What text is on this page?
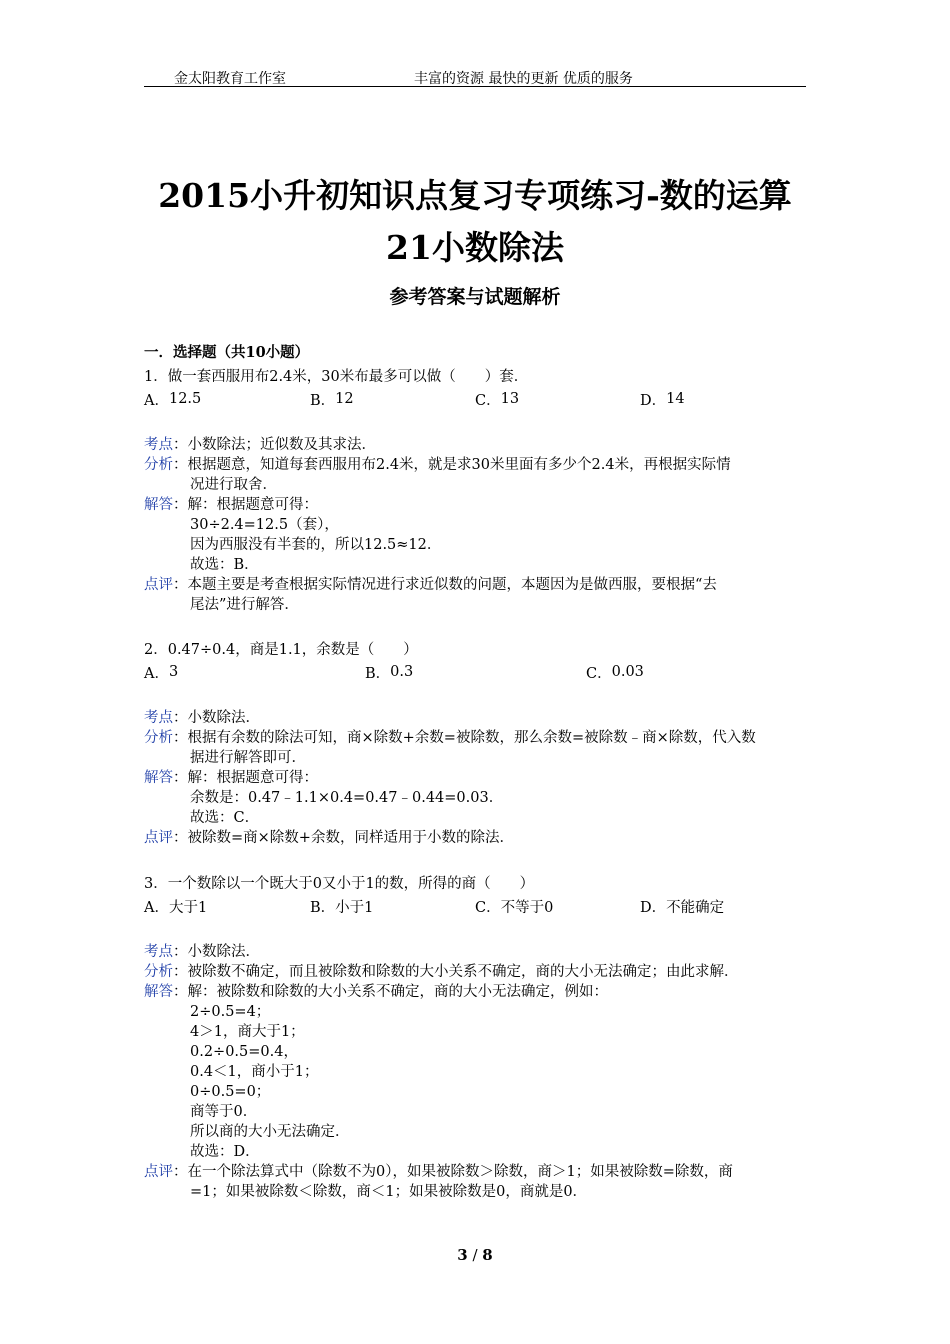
金太阳教育工作室	丰富的资源 最快的更新 优质的服务
2015小升初知识点复习专项练习-数的运算
21小数除法
参考答案与试题解析
一．选择题（共10小题）
1．做一套西服用布2.4米，30米布最多可以做（　　）套．
A．12.5	B．12	C．13	D．14
考点：小数除法；近似数及其求法．
分析：根据题意，知道每套西服用布2.4米，就是求30米里面有多少个2.4米，再根据实际情
况进行取舍．
解答：解：根据题意可得：
30÷2.4=12.5（套），
因为西服没有半套的，所以12.5≈12．
故选：B．
点评：本题主要是考查根据实际情况进行求近似数的问题，本题因为是做西服，要根据“去
尾法”进行解答．
2．0.47÷0.4，商是1.1，余数是（　　）
A．3	B．0.3	C．0.03
考点：小数除法．
分析：根据有余数的除法可知，商×除数+余数=被除数，那么余数=被除数﹣商×除数，代入数
据进行解答即可．
解答：解：根据题意可得：
余数是：0.47﹣1.1×0.4=0.47﹣0.44=0.03．
故选：C．
点评：被除数=商×除数+余数，同样适用于小数的除法．
3．一个数除以一个既大于0又小于1的数，所得的商（　　）
A．大于1	B．小于1	C．不等于0	D．不能确定
考点：小数除法．
分析：被除数不确定，而且被除数和除数的大小关系不确定，商的大小无法确定；由此求解．
解答：解：被除数和除数的大小关系不确定，商的大小无法确定，例如：
2÷0.5=4；
4＞1，商大于1；
0.2÷0.5=0.4，
0.4＜1，商小于1；
0÷0.5=0；
商等于0．
所以商的大小无法确定．
故选：D．
点评：在一个除法算式中（除数不为0），如果被除数＞除数，商＞1；如果被除数=除数，商
=1；如果被除数＜除数，商＜1；如果被除数是0，商就是0．
3 / 8
